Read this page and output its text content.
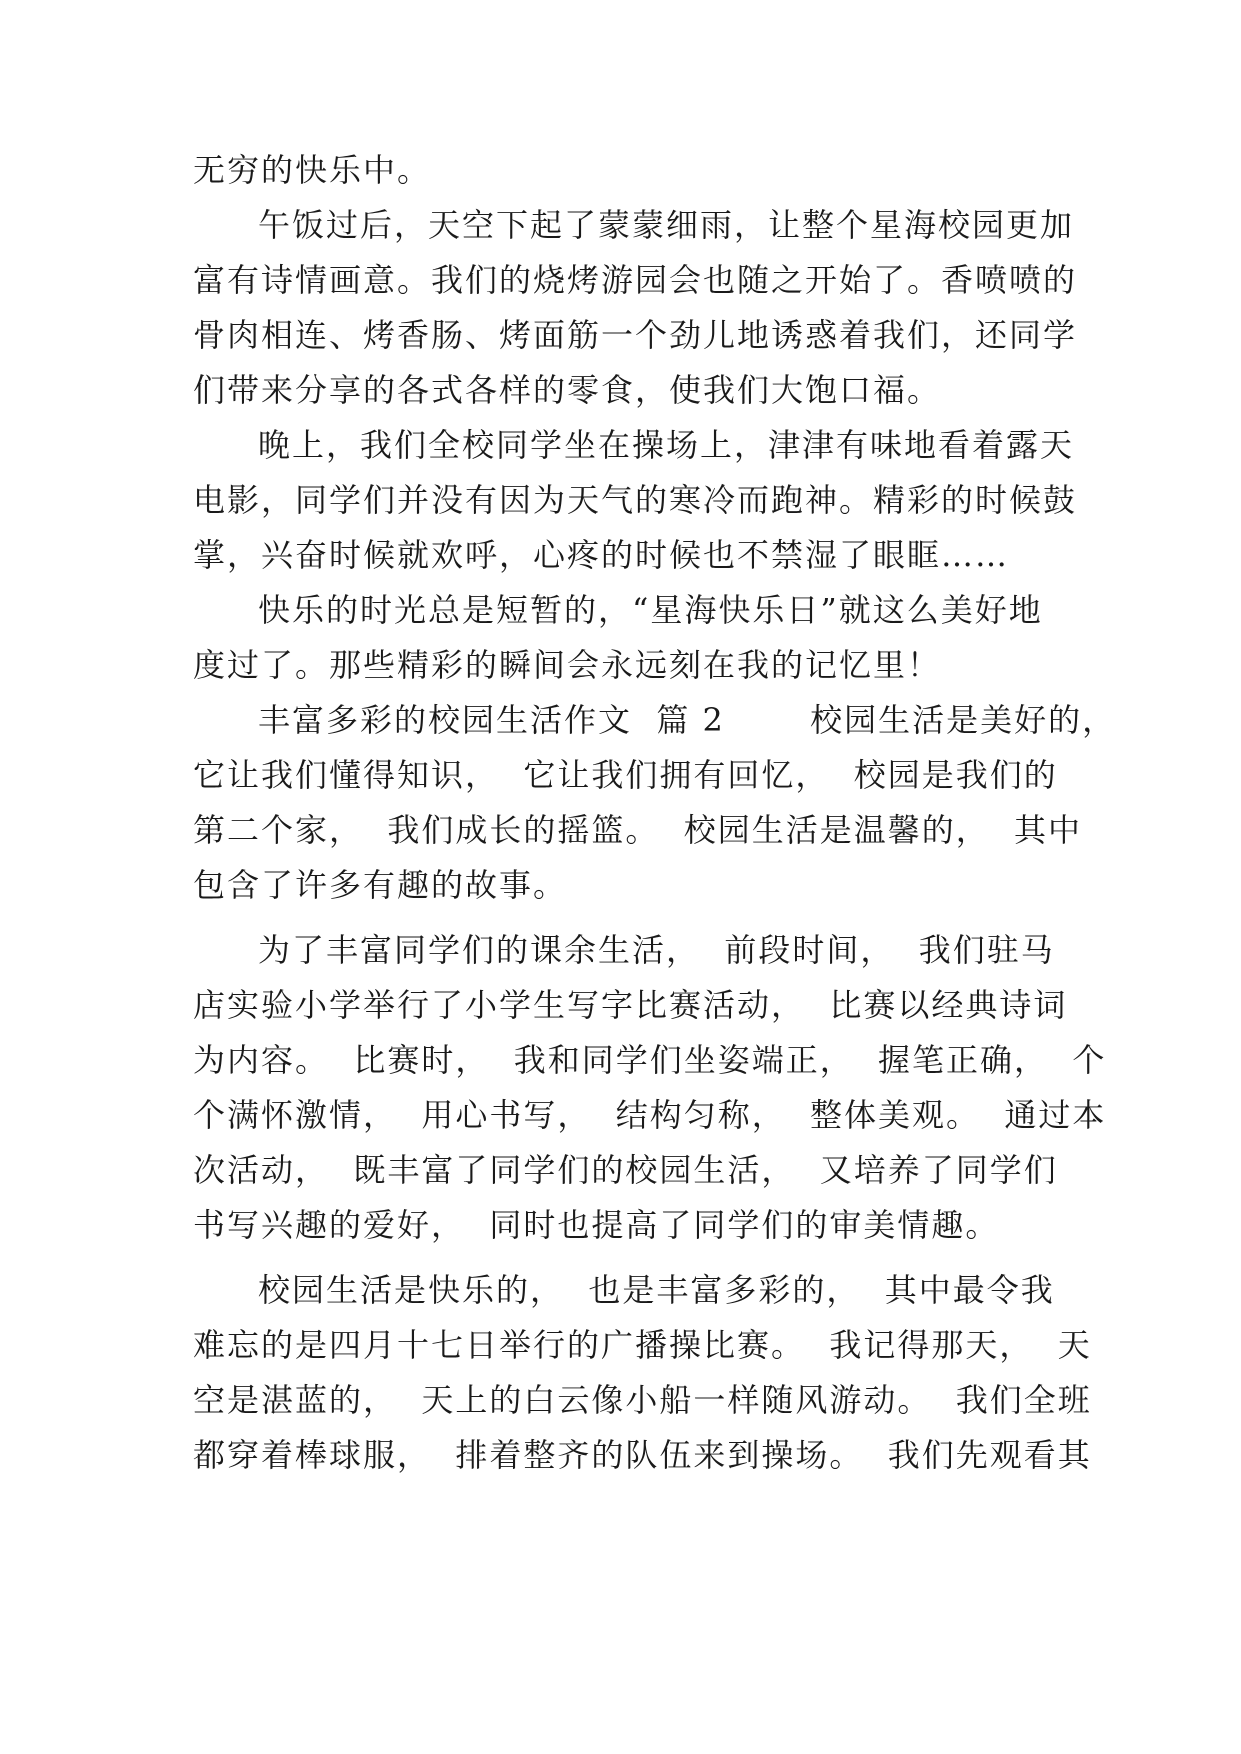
无穷的快乐中。
午饭过后，天空下起了蒙蒙细雨，让整个星海校园更加
富有诗情画意。我们的烧烤游园会也随之开始了。香喷喷的
骨肉相连、烤香肠、烤面筋一个劲儿地诱惑着我们，还同学
们带来分享的各式各样的零食，使我们大饱口福。
晚上，我们全校同学坐在操场上，津津有味地看着露天
电影，同学们并没有因为天气的寒冷而跑神。精彩的时候鼓
掌，兴奋时候就欢呼，心疼的时候也不禁湿了眼眶……
快乐的时光总是短暂的，“星海快乐日”就这么美好地
度过了。那些精彩的瞬间会永远刻在我的记忆里！
丰富多彩的校园生活作文  篇 2       校园生活是美好的，
它让我们懂得知识，  它让我们拥有回忆，  校园是我们的
第二个家，  我们成长的摇篮。  校园生活是温馨的，  其中
包含了许多有趣的故事。
为了丰富同学们的课余生活，  前段时间，  我们驻马
店实验小学举行了小学生写字比赛活动，  比赛以经典诗词
为内容。  比赛时，  我和同学们坐姿端正，  握笔正确，  个
个满怀激情，  用心书写，  结构匀称，  整体美观。  通过本
次活动，  既丰富了同学们的校园生活，  又培养了同学们
书写兴趣的爱好，  同时也提高了同学们的审美情趣。
校园生活是快乐的，  也是丰富多彩的，  其中最令我
难忘的是四月十七日举行的广播操比赛。  我记得那天，  天
空是湛蓝的，  天上的白云像小船一样随风游动。  我们全班
都穿着棒球服，  排着整齐的队伍来到操场。  我们先观看其
